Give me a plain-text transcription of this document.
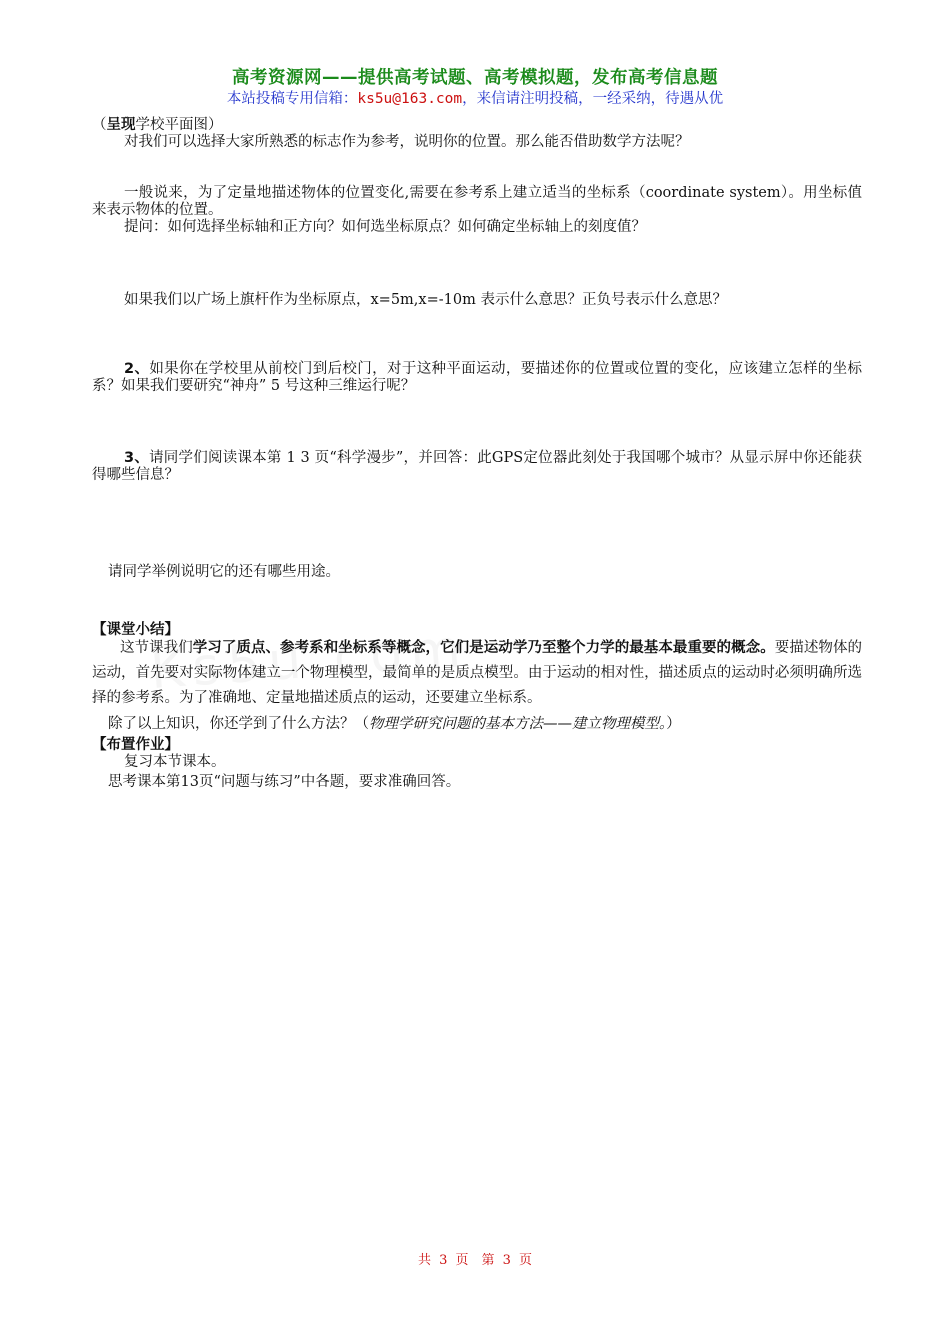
高考资源网——提供高考试题、高考模拟题，发布高考信息题
本站投稿专用信箱：ks5u@163.com，来信请注明投稿，一经采纳，待遇从优
（呈现学校平面图）
对我们可以选择大家所熟悉的标志作为参考，说明你的位置。那么能否借助数学方法呢？
一般说来，为了定量地描述物体的位置变化,需要在参考系上建立适当的坐标系（coordinate system）。用坐标值来表示物体的位置。
提问：如何选择坐标轴和正方向？如何选坐标原点？如何确定坐标轴上的刻度值？
如果我们以广场上旗杆作为坐标原点，x=5m,x=-10m 表示什么意思？正负号表示什么意思？
2、如果你在学校里从前校门到后校门，对于这种平面运动，要描述你的位置或位置的变化，应该建立怎样的坐标系？如果我们要研究“神舟” 5 号这种三维运行呢？
3、请同学们阅读课本第 1 3 页“科学漫步”，并回答：此GPS定位器此刻处于我国哪个城市？从显示屏中你还能获得哪些信息？
请同学举例说明它的还有哪些用途。
【课堂小结】
这节课我们学习了质点、参考系和坐标系等概念，它们是运动学乃至整个力学的最基本最重要的概念。要描述物体的运动，首先要对实际物体建立一个物理模型，最简单的是质点模型。由于运动的相对性，描述质点的运动时必须明确所选择的参考系。为了准确地、定量地描述质点的运动，还要建立坐标系。
除了以上知识，你还学到了什么方法？（物理学研究问题的基本方法——建立物理模型。）
【布置作业】
复习本节课本。
思考课本第13页“问题与练习”中各题，要求准确回答。
共 3 页　第 3 页
